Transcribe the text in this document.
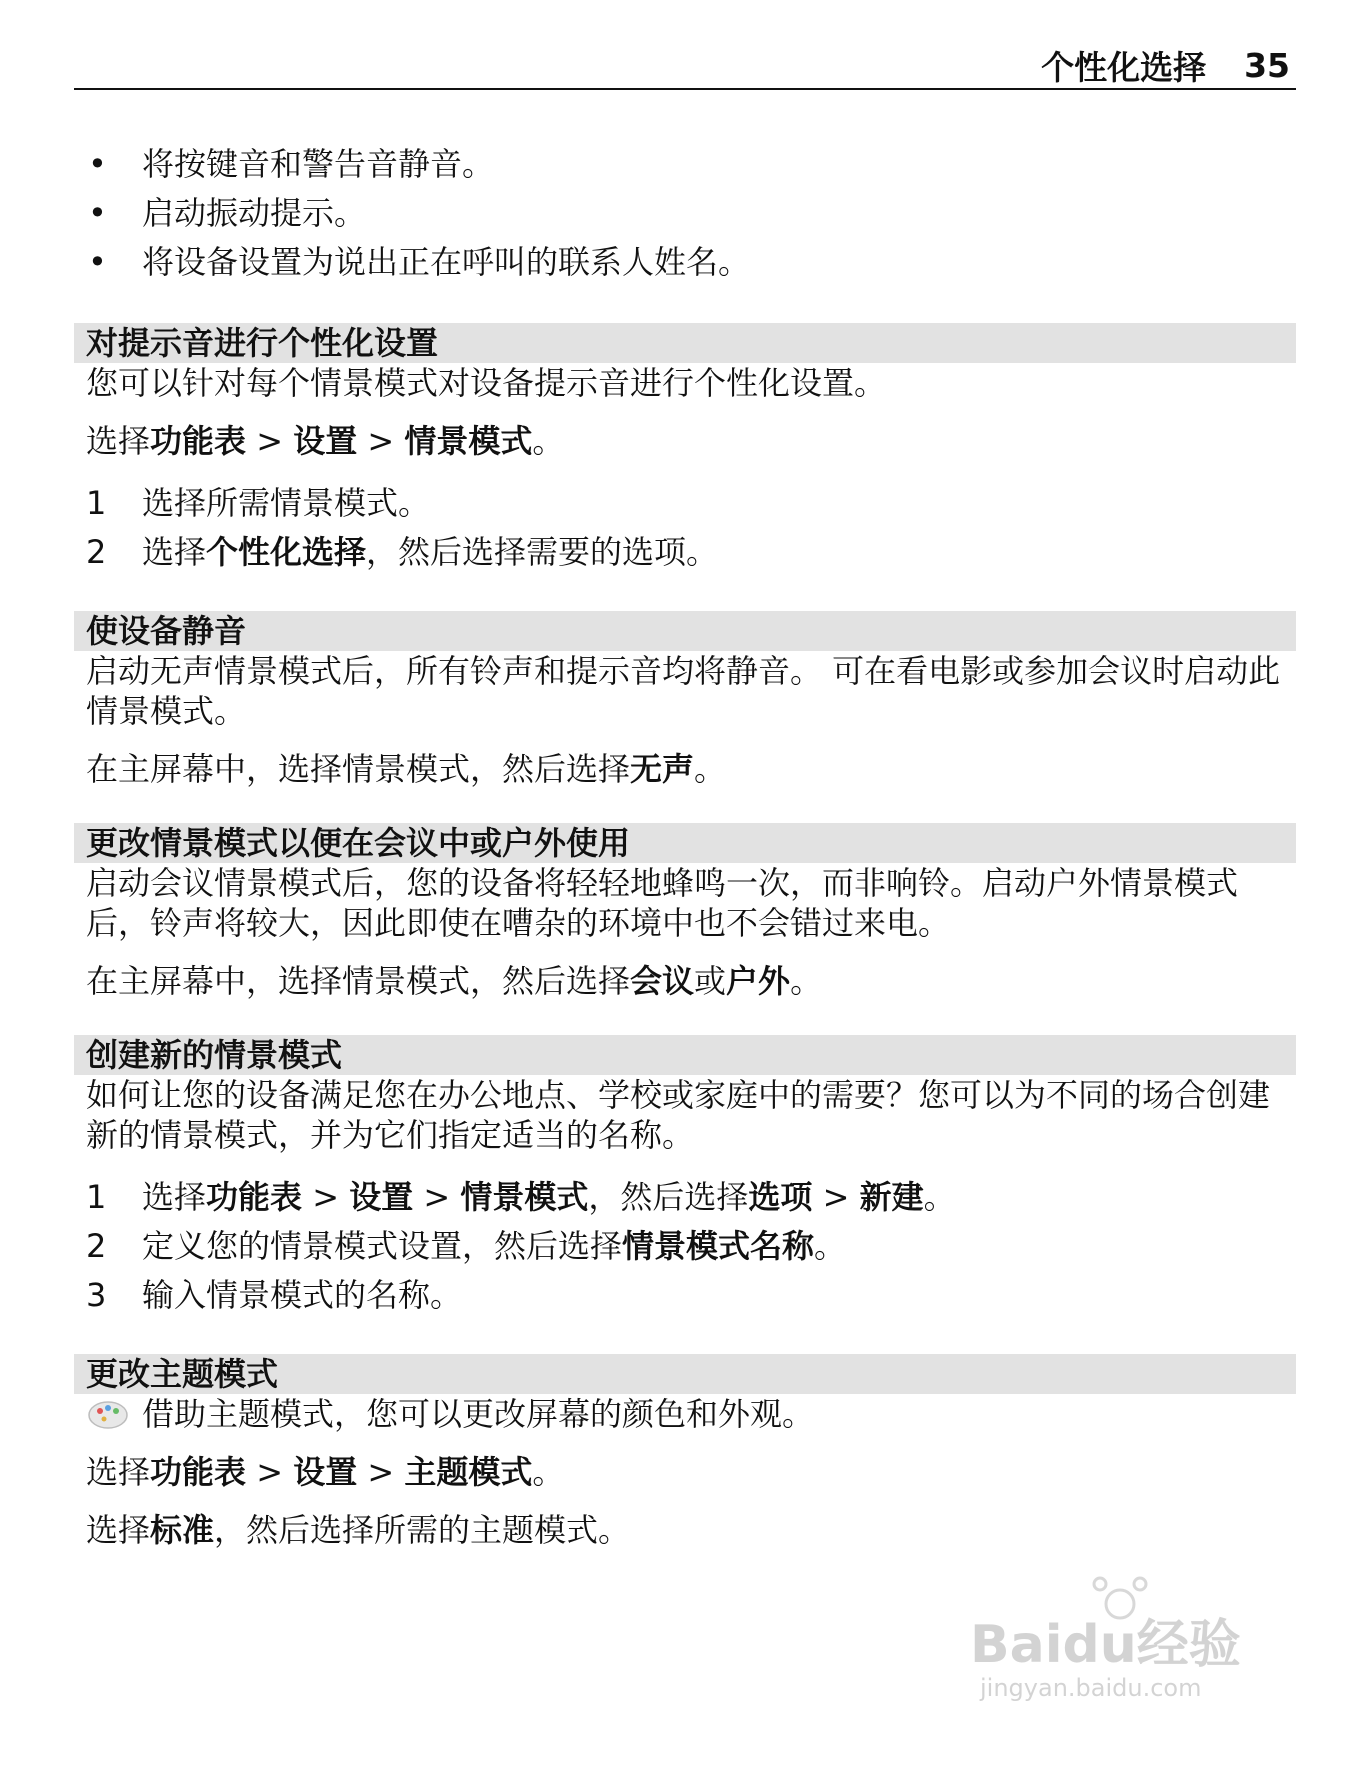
个性化选择 35
• 将按键音和警告音静音。
• 启动振动提示。
• 将设备设置为说出正在呼叫的联系人姓名。
对提示音进行个性化设置

您可以针对每个情景模式对设备提示音进行个性化设置。

选择功能表 > 设置 > 情景模式。

1 选择所需情景模式。
2 选择个性化选择，然后选择需要的选项。
使设备静音

启动无声情景模式后，所有铃声和提示音均将静音。 可在看电影或参加会议时启动此情景模式。

在主屏幕中，选择情景模式，然后选择无声。

更改情景模式以便在会议中或户外使用

启动会议情景模式后，您的设备将轻轻地蜂鸣一次，而非响铃。启动户外情景模式后，铃声将较大，因此即使在嘈杂的环境中也不会错过来电。

在主屏幕中，选择情景模式，然后选择会议或户外。

创建新的情景模式

如何让您的设备满足您在办公地点、学校或家庭中的需要？您可以为不同的场合创建新的情景模式，并为它们指定适当的名称。

1 选择功能表 > 设置 > 情景模式，然后选择选项 > 新建。
2 定义您的情景模式设置，然后选择情景模式名称。
3 输入情景模式的名称。
更改主题模式

借助主题模式，您可以更改屏幕的颜色和外观。

选择功能表 > 设置 > 主题模式。

选择标准，然后选择所需的主题模式。

Baidu经验
jingyan.baidu.com
